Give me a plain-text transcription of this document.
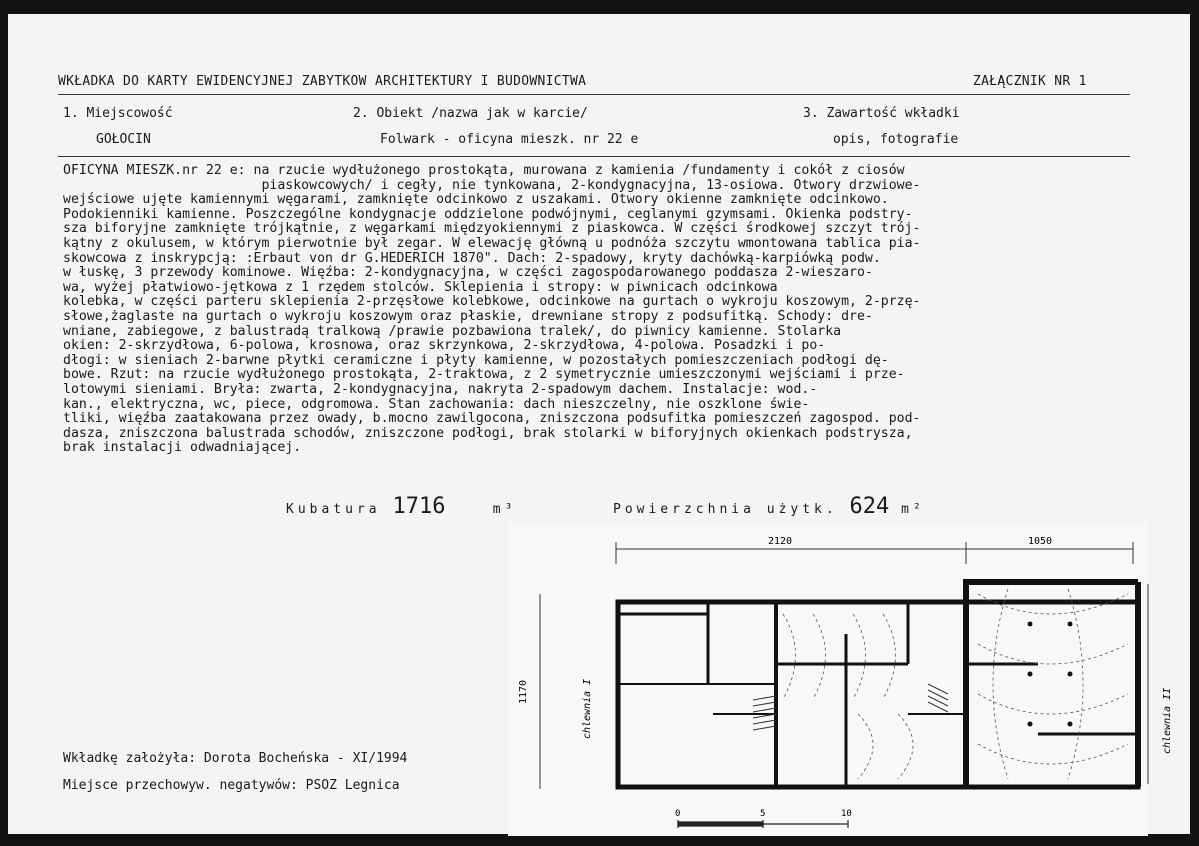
WKŁADKA DO KARTY EWIDENCYJNEJ ZABYTKOW ARCHITEKTURY I BUDOWNICTWA	ZAŁĄCZNIK NR 1
1. Miejscowość
GOŁOCIN
2. Obiekt /nazwa jak w karcie/
Folwark - oficyna mieszk. nr 22 e
3. Zawartość wkładki
opis, fotografie

OFICYNA MIESZK.nr 22 e: na rzucie wydłużonego prostokąta, murowana z kamienia /fundamenty i cokół z ciosów

piaskowcowych/ i cegły, nie tynkowana, 2-kondygnacyjna, 13-osiowa. Otwory drzwiowe-

wejściowe ujęte kamiennymi węgarami, zamknięte odcinkowo z uszakami. Otwory okienne zamknięte odcinkowo.

Podokienniki kamienne. Poszczególne kondygnacje oddzielone podwójnymi, ceglanymi gzymsami. Okienka podstry-

sza biforyjne zamknięte trójkątnie, z węgarkami międzyokiennymi z piaskowca. W części środkowej szczyt trój-

kątny z okulusem, w którym pierwotnie był zegar. W elewację główną u podnóża szczytu wmontowana tablica pia-

skowcowa z inskrypcją: :Erbaut von dr G.HEDERICH 1870". Dach: 2-spadowy, kryty dachówką-karpiówką podw.

w łuskę, 3 przewody kominowe. Więźba: 2-kondygnacyjna, w części zagospodarowanego poddasza 2-wieszaro-

wa, wyżej płatwiowo-jętkowa z 1 rzędem stolców. Sklepienia i stropy: w piwnicach odcinkowa

kolebka, w części parteru sklepienia 2-przęsłowe kolebkowe, odcinkowe na gurtach o wykroju koszowym, 2-przę-

słowe,żaglaste na gurtach o wykroju koszowym oraz płaskie, drewniane stropy z podsufitką. Schody: dre-

wniane, zabiegowe, z balustradą tralkową /prawie pozbawiona tralek/, do piwnicy kamienne. Stolarka

okien: 2-skrzydłowa, 6-polowa, krosnowa, oraz skrzynkowa, 2-skrzydłowa, 4-polowa. Posadzki i po-

dłogi: w sieniach 2-barwne płytki ceramiczne i płyty kamienne, w pozostałych pomieszczeniach podłogi dę-

bowe. Rzut: na rzucie wydłużonego prostokąta, 2-traktowa, z 2 symetrycznie umieszczonymi wejściami i prze-

lotowymi sieniami. Bryła: zwarta, 2-kondygnacyjna, nakryta 2-spadowym dachem. Instalacje: wod.-

kan., elektryczna, wc, piece, odgromowa. Stan zachowania: dach nieszczelny, nie oszklone świe-

tliki, więźba zaatakowana przez owady, b.mocno zawilgocona, zniszczona podsufitka pomieszczeń zagospod. pod-

dasza, zniszczona balustrada schodów, zniszczone podłogi, brak stolarki w biforyjnych okienkach podstrysza,

brak instalacji odwadniającej.

Kubatura 1716	m³	Powierzchnia użytk. 624 m²
2120	1050
1170	chlewnia I	chlewnia II
0	5	10
Wkładkę założyła: Dorota Bocheńska - XI/1994
Miejsce przechowyw. negatywów: PSOZ Legnica
